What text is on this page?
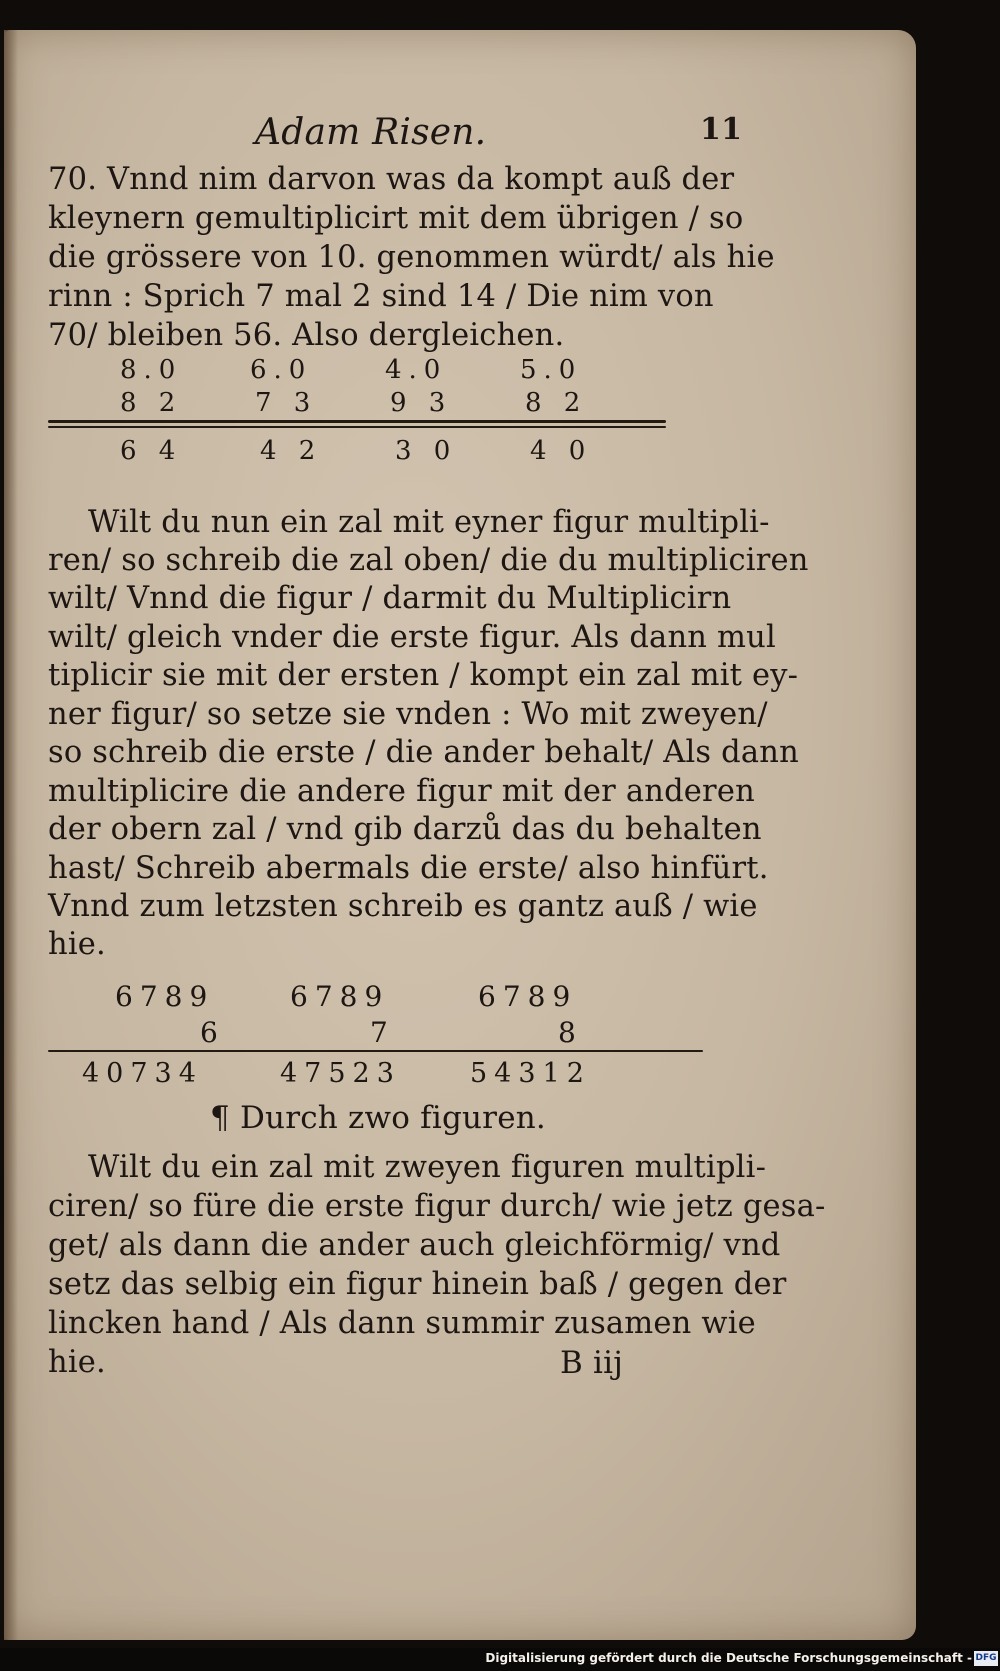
Adam Risen.	11
70. Vnnd nim darvon was da kompt auß der
kleynern gemultiplicirt mit dem übrigen / so
die grössere von 10. genommen würdt/ als hie
rinn : Sprich 7 mal 2 sind 14 / Die nim von
70/ bleiben 56. Also dergleichen.
8.0	6.0	4.0	5.0
8 2	7 3	9 3	8 2
6 4	4 2	3 0	4 0
Wilt du nun ein zal mit eyner figur multipli-
ren/ so schreib die zal oben/ die du multipliciren
wilt/ Vnnd die figur / darmit du Multiplicirn
wilt/ gleich vnder die erste figur. Als dann mul
tiplicir sie mit der ersten / kompt ein zal mit ey-
ner figur/ so setze sie vnden : Wo mit zweyen/
so schreib die erste / die ander behalt/ Als dann
multiplicire die andere figur mit der anderen
der obern zal / vnd gib darzů das du behalten
hast/ Schreib abermals die erste/ also hinfürt.
Vnnd zum letzsten schreib es gantz auß / wie
hie.
6789	6789	6789
6	7	8
40734	47523	54312
¶ Durch zwo figuren.
Wilt du ein zal mit zweyen figuren multipli-
ciren/ so füre die erste figur durch/ wie jetz gesa-
get/ als dann die ander auch gleichförmig/ vnd
setz das selbig ein figur hinein baß / gegen der
lincken hand / Als dann summir zusamen wie
hie.	B iij
Digitalisierung gefördert durch die Deutsche Forschungsgemeinschaft - DFG
